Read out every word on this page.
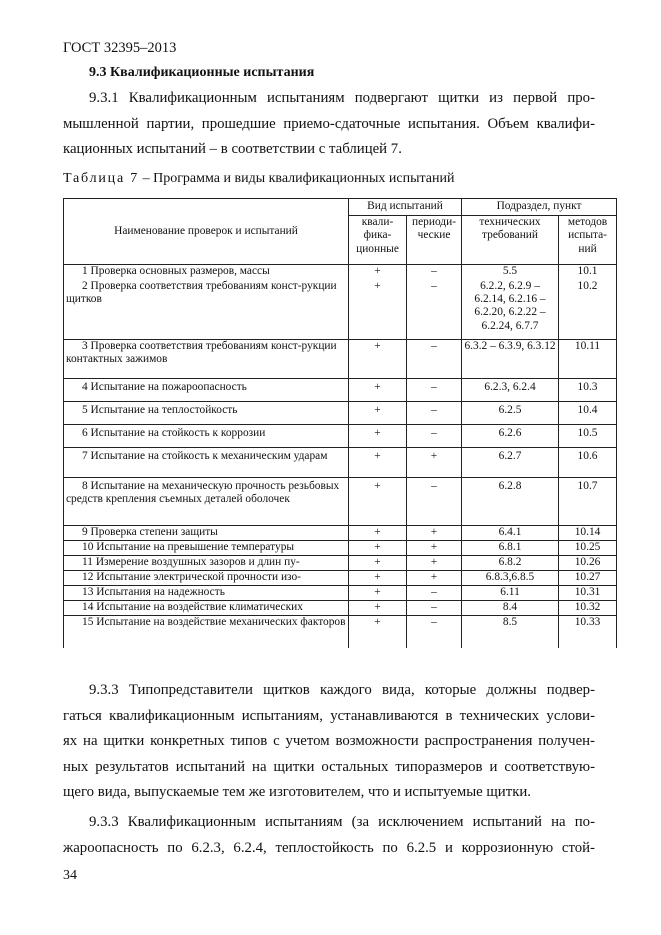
ГОСТ 32395–2013
9.3 Квалификационные испытания
9.3.1 Квалификационным испытаниям подвергают щитки из первой про-
мышленной партии, прошедшие приемо-сдаточные испытания. Объем квалифи-
кационных испытаний – в соответствии с таблицей 7.
Таблица 7 – Программа и виды квалификационных испытаний
Наименование проверок и испытаний	Вид испытаний		Подраздел, пункт	
	квали-фика-ционные	периоди-ческие	технических требований	методов испыта-ний
1 Проверка основных размеров, массы	+	–	5.5	10.1
2 Проверка соответствия требованиям конст-рукции щитков	+	–	6.2.2, 6.2.9 – 6.2.14, 6.2.16 – 6.2.20, 6.2.22 – 6.2.24, 6.7.7	10.2
3 Проверка соответствия требованиям конст-рукции контактных зажимов	+	–	6.3.2 – 6.3.9, 6.3.12	10.11
4 Испытание на пожароопасность	+	–	6.2.3, 6.2.4	10.3
5 Испытание на теплостойкость	+	–	6.2.5	10.4
6 Испытание на стойкость к коррозии	+	–	6.2.6	10.5
7 Испытание на стойкость к механическим ударам	+	+	6.2.7	10.6
8 Испытание на механическую прочность резьбовых средств крепления съемных деталей оболочек	+	–	6.2.8	10.7
9 Проверка степени защиты	+	+	6.4.1	10.14
10 Испытание на превышение температуры	+	+	6.8.1	10.25
11 Измерение воздушных зазоров и длин пу-	+	+	6.8.2	10.26
12 Испытание электрической прочности изо-	+	+	6.8.3,6.8.5	10.27
13 Испытания на надежность	+	–	6.11	10.31
14 Испытание на воздействие климатических	+	–	8.4	10.32
15 Испытание на воздействие механических факторов	+	–	8.5	10.33
9.3.3 Типопредставители щитков каждого вида, которые должны подвер-
гаться квалификационным испытаниям, устанавливаются в технических услови-
ях на щитки конкретных типов с учетом возможности распространения получен-
ных результатов испытаний на щитки остальных типоразмеров и соответствую-
щего вида, выпускаемые тем же изготовителем, что и испытуемые щитки.
9.3.3 Квалификационным испытаниям (за исключением испытаний на по-
жароопасность по 6.2.3, 6.2.4, теплостойкость по 6.2.5 и коррозионную стой-
34
